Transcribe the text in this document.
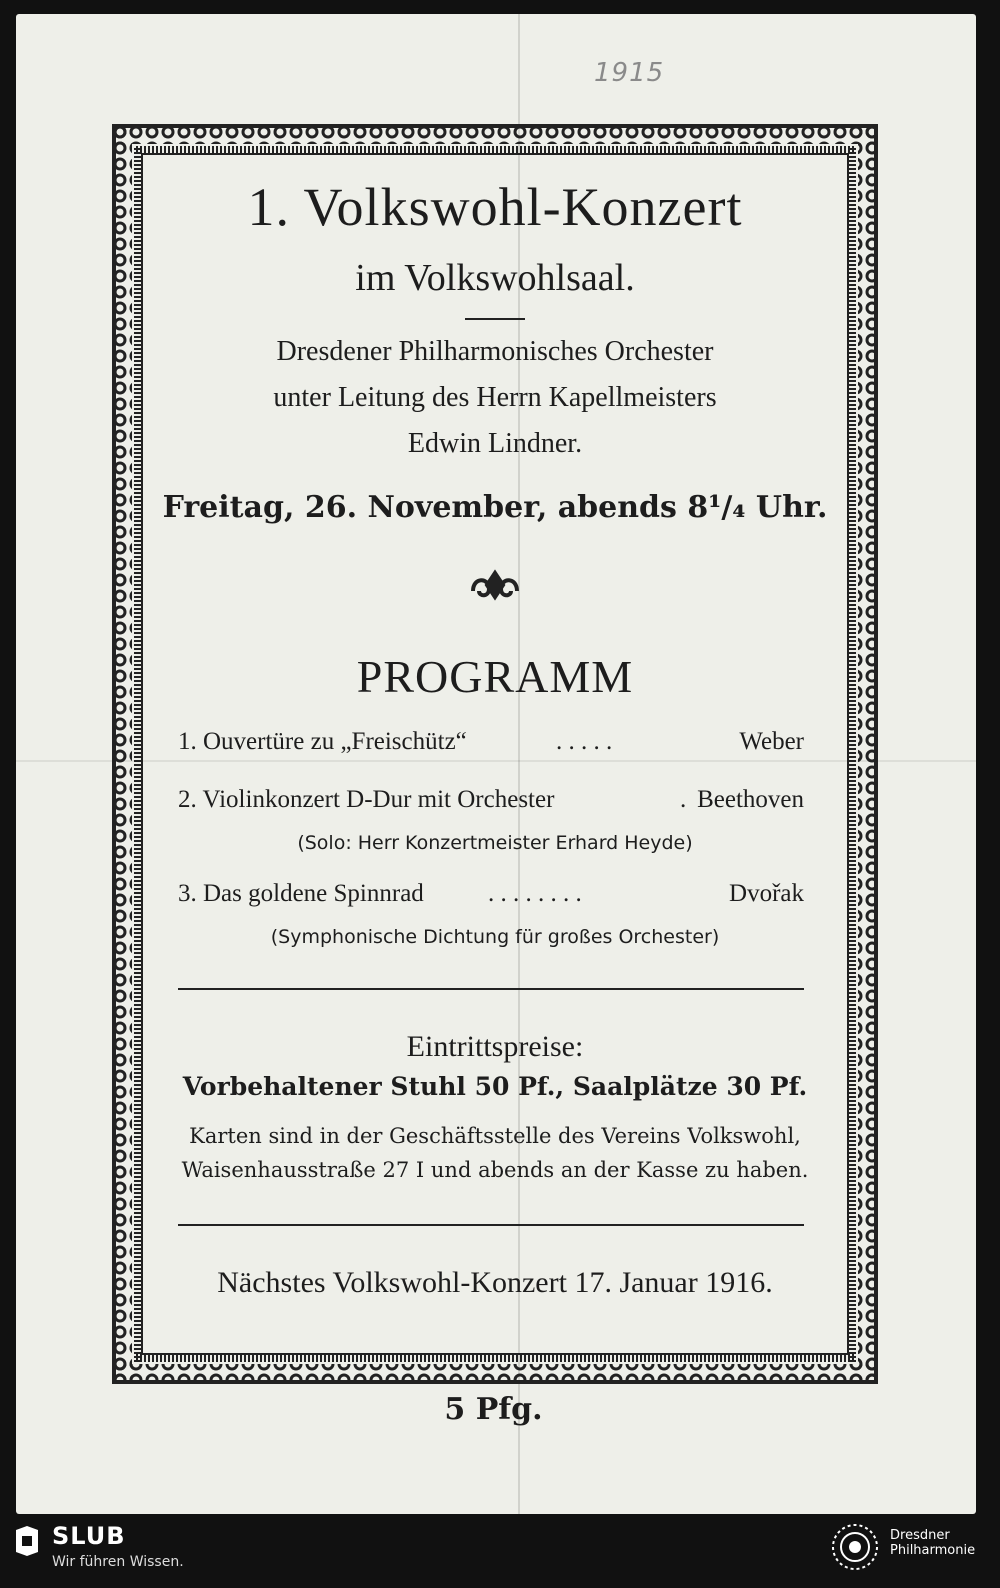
1915
1. Volkswohl-Konzert
im Volkswohlsaal.
Dresdener Philharmonisches Orchester
unter Leitung des Herrn Kapellmeisters
Edwin Lindner.
Freitag, 26. November, abends 8¹/₄ Uhr.
PROGRAMM
1. Ouvertüre zu „Freischütz“	. . . . .	Weber
2. Violinkonzert D-Dur mit Orchester	. Beethoven
(Solo: Herr Konzertmeister Erhard Heyde)
3. Das goldene Spinnrad	. . . . . . . .	Dvořak
(Symphonische Dichtung für großes Orchester)
Eintrittspreise:
Vorbehaltener Stuhl 50 Pf., Saalplätze 30 Pf.
Karten sind in der Geschäftsstelle des Vereins Volkswohl,
Waisenhausstraße 27 I und abends an der Kasse zu haben.
Nächstes Volkswohl-Konzert 17. Januar 1916.
5 Pfg.
SLUB
Wir führen Wissen.
Dresdner
Philharmonie
